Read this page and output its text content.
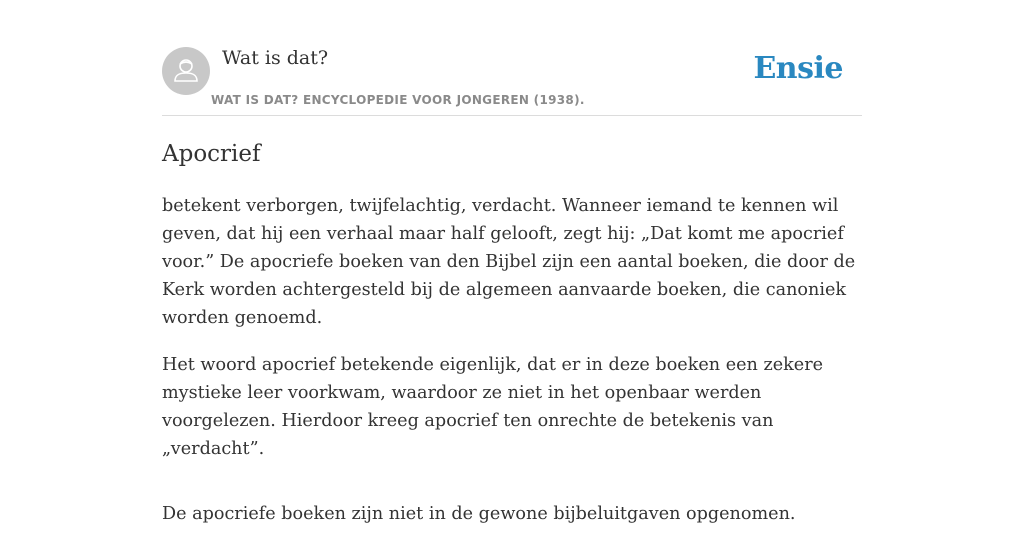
Wat is dat?
WAT IS DAT? ENCYCLOPEDIE VOOR JONGEREN (1938).
Ensie
Apocrief

betekent verborgen, twijfelachtig, verdacht. Wanneer iemand te kennen wil geven, dat hij een verhaal maar half gelooft, zegt hij: „Dat komt me apocrief voor.” De apocriefe boeken van den Bijbel zijn een aantal boeken, die door de Kerk worden achtergesteld bij de algemeen aanvaarde boeken, die canoniek worden genoemd.

Het woord apocrief betekende eigenlijk, dat er in deze boeken een zekere mystieke leer voorkwam, waardoor ze niet in het openbaar werden voorgelezen. Hierdoor kreeg apocrief ten onrechte de betekenis van „verdacht”.

De apocriefe boeken zijn niet in de gewone bijbeluitgaven opgenomen.
